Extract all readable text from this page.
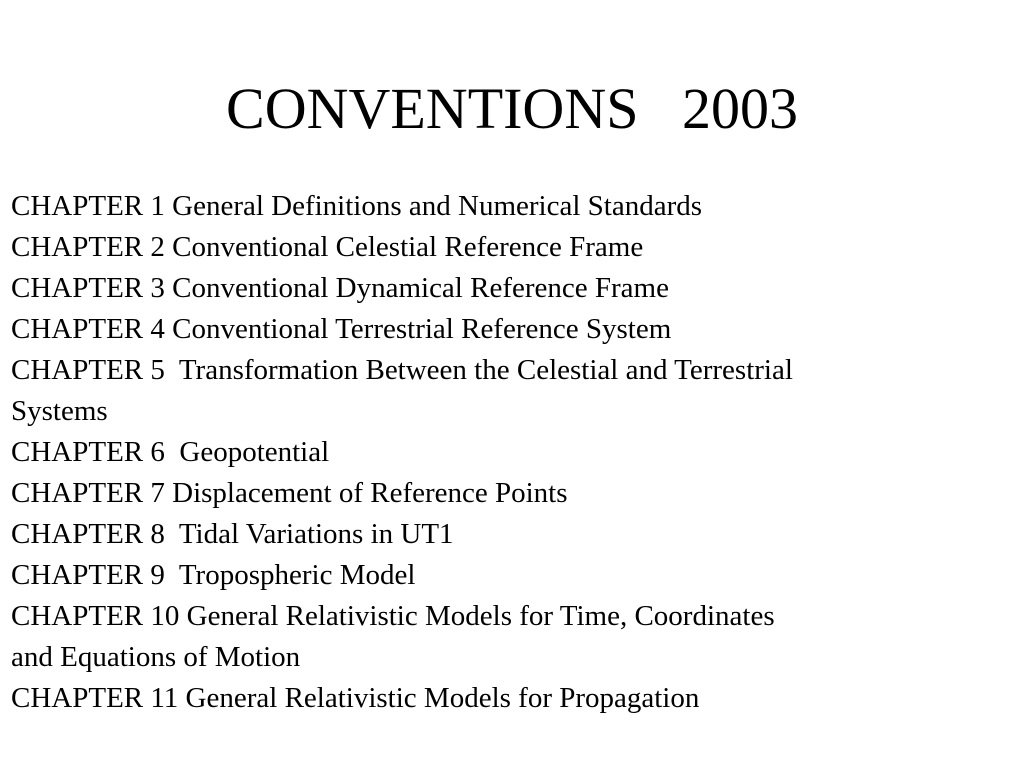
CONVENTIONS   2003
CHAPTER 1 General Definitions and Numerical Standards
CHAPTER 2 Conventional Celestial Reference Frame
CHAPTER 3 Conventional Dynamical Reference Frame
CHAPTER 4 Conventional Terrestrial Reference System
CHAPTER 5  Transformation Between the Celestial and Terrestrial
Systems
CHAPTER 6  Geopotential
CHAPTER 7 Displacement of Reference Points
CHAPTER 8  Tidal Variations in UT1
CHAPTER 9  Tropospheric Model
CHAPTER 10 General Relativistic Models for Time, Coordinates
and Equations of Motion
CHAPTER 11 General Relativistic Models for Propagation
